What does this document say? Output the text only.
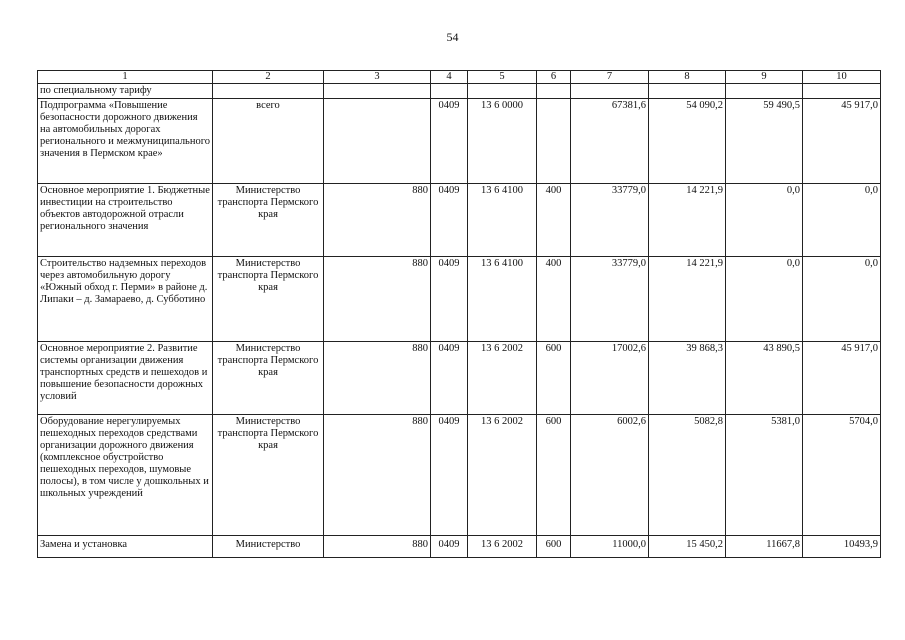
54
1	2	3	4	5	6	7	8	9	10
по специальному тарифу									
Подпрограмма «Повышение безопасности дорожного движения на автомобильных дорогах регионального и межмуниципального значения в Пермском крае»	всего		0409	13 6 0000		67381,6	54 090,2	59 490,5	45 917,0
Основное мероприятие 1. Бюджетные инвестиции на строительство объектов автодорожной отрасли регионального значения	Министерство транспорта Пермского края	880	0409	13 6 4100	400	33779,0	14 221,9	0,0	0,0
Строительство надземных переходов через автомобильную дорогу «Южный обход г. Перми» в районе д. Липаки – д. Замараево, д. Субботино	Министерство транспорта Пермского края	880	0409	13 6 4100	400	33779,0	14 221,9	0,0	0,0
Основное мероприятие 2. Развитие системы организации движения транспортных средств и пешеходов и повышение безопасности дорожных условий	Министерство транспорта Пермского края	880	0409	13 6 2002	600	17002,6	39 868,3	43 890,5	45 917,0
Оборудование нерегулируемых пешеходных переходов средствами организации дорожного движения (комплексное обустройство пешеходных переходов, шумовые полосы), в том числе у дошкольных и школьных учреждений	Министерство транспорта Пермского края	880	0409	13 6 2002	600	6002,6	5082,8	5381,0	5704,0
Замена и установка	Министерство	880	0409	13 6 2002	600	11000,0	15 450,2	11667,8	10493,9
